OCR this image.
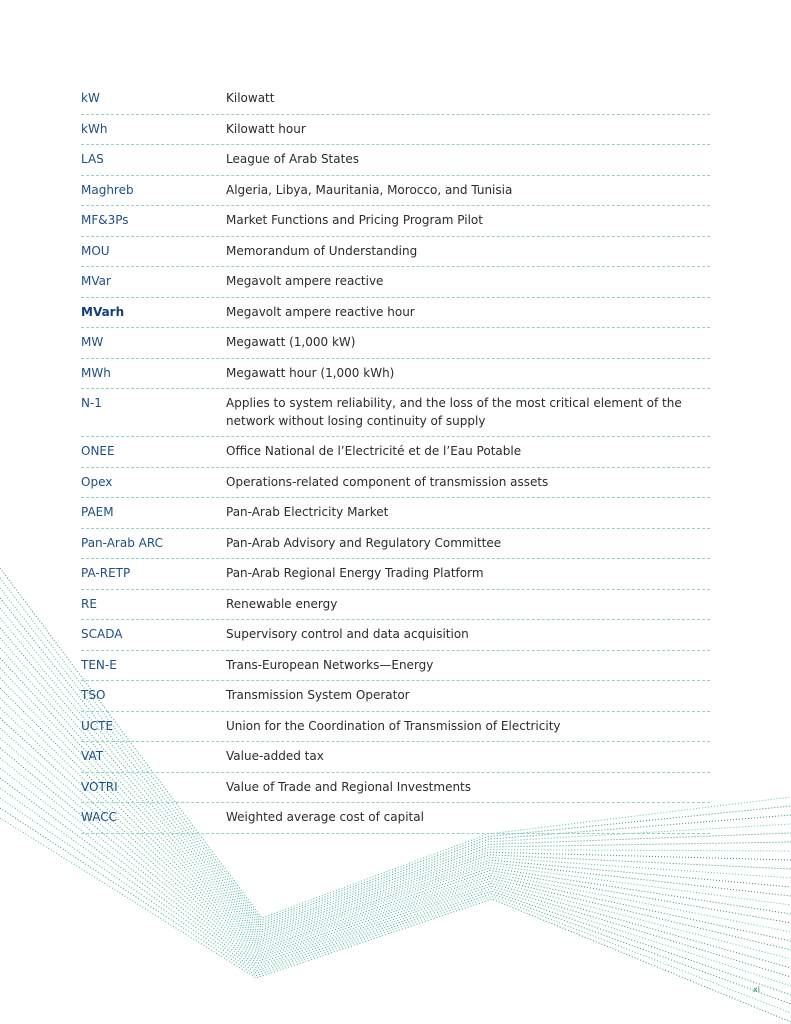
kW	Kilowatt
kWh	Kilowatt hour
LAS	League of Arab States
Maghreb	Algeria, Libya, Mauritania, Morocco, and Tunisia
MF&3Ps	Market Functions and Pricing Program Pilot
MOU	Memorandum of Understanding
MVar	Megavolt ampere reactive
MVarh	Megavolt ampere reactive hour
MW	Megawatt (1,000 kW)
MWh	Megawatt hour (1,000 kWh)
N-1	Applies to system reliability, and the loss of the most critical element of the network without losing continuity of supply
ONEE	Office National de l’Electricité et de l’Eau Potable
Opex	Operations-related component of transmission assets
PAEM	Pan-Arab Electricity Market
Pan-Arab ARC	Pan-Arab Advisory and Regulatory Committee
PA-RETP	Pan-Arab Regional Energy Trading Platform
RE	Renewable energy
SCADA	Supervisory control and data acquisition
TEN-E	Trans-European Networks—Energy
TSO	Transmission System Operator
UCTE	Union for the Coordination of Transmission of Electricity
VAT	Value-added tax
VOTRI	Value of Trade and Regional Investments
WACC	Weighted average cost of capital
xi
